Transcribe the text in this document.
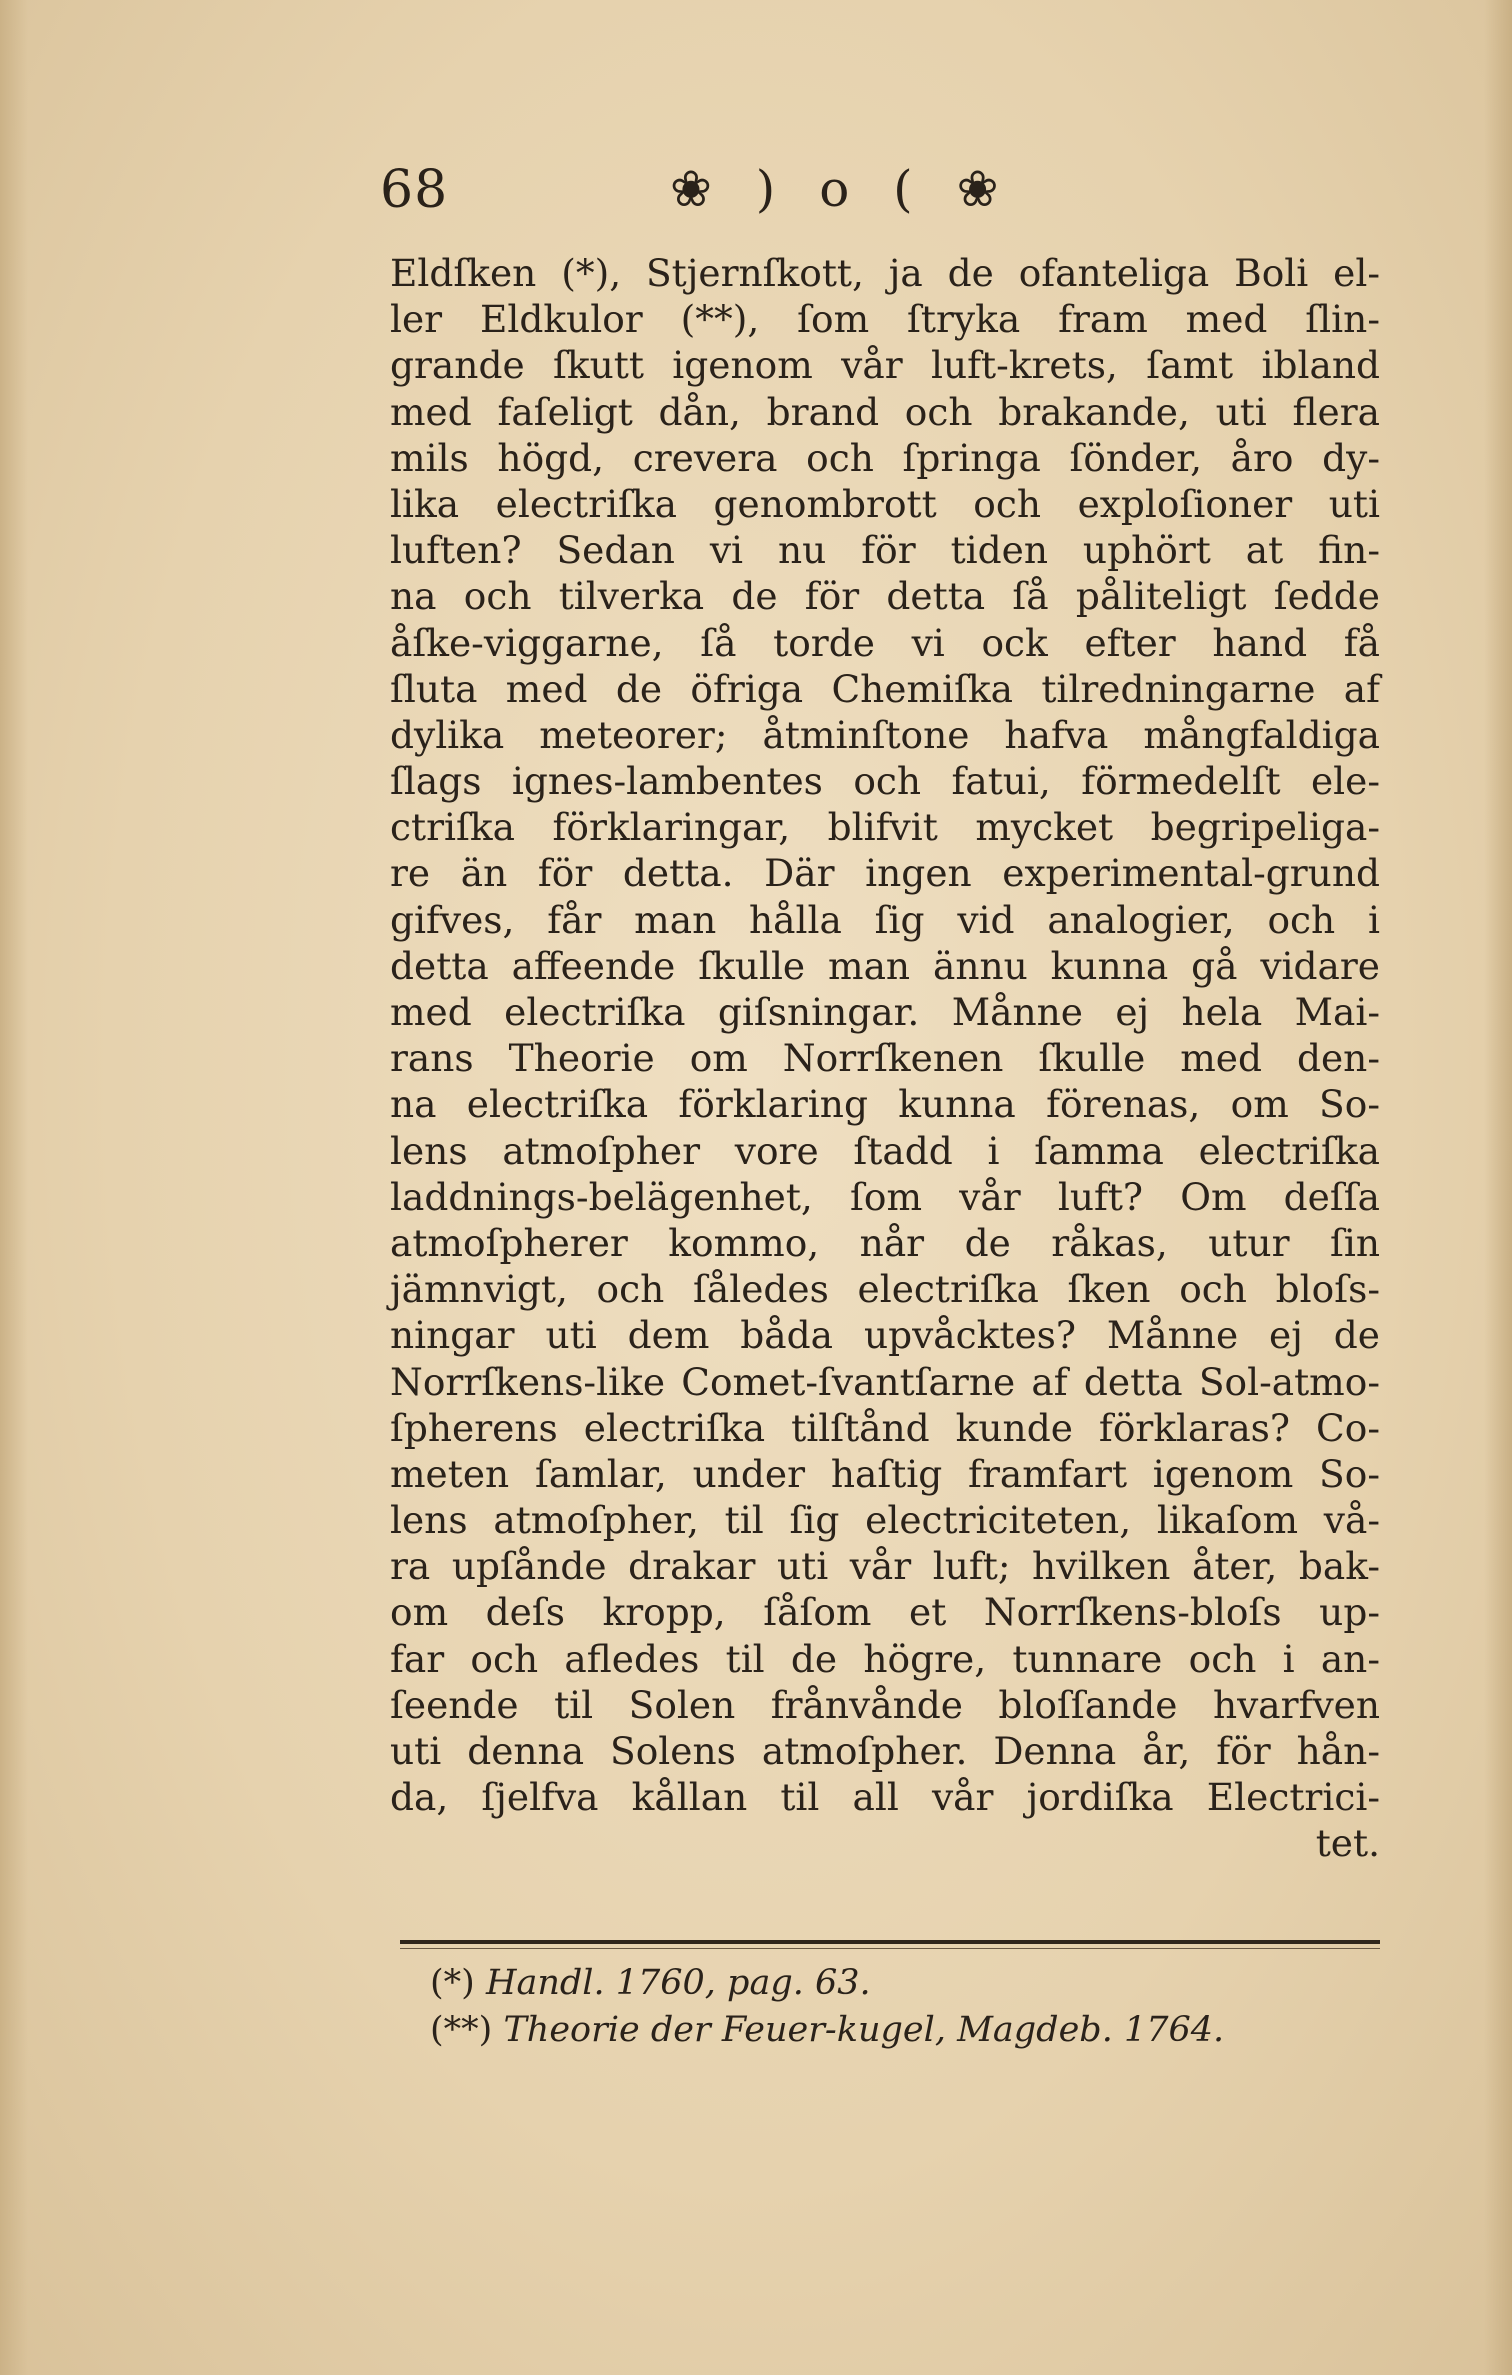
68	❀ ) o ( ❀
Eldſken (*), Stjernſkott, ja de ofanteliga Boli el-
ler Eldkulor (**), ſom ſtryka fram med ſlin-
grande ſkutt igenom vår luft-krets, ſamt ibland
med faſeligt dån, brand och brakande, uti flera
mils högd, crevera och ſpringa ſönder, åro dy-
lika electriſka genombrott och exploſioner uti
luften? Sedan vi nu för tiden uphört at fin-
na och tilverka de för detta ſå påliteligt ſedde
åſke-viggarne, ſå torde vi ock efter hand få
ſluta med de öfriga Chemiſka tilredningarne af
dylika meteorer; åtminſtone hafva mångfaldiga
ſlags ignes-lambentes och fatui, förmedelſt ele-
ctriſka förklaringar, blifvit mycket begripeliga-
re än för detta. Där ingen experimental-grund
gifves, får man hålla ſig vid analogier, och i
detta affeende ſkulle man ännu kunna gå vidare
med electriſka giſsningar. Månne ej hela Mai-
rans Theorie om Norrſkenen ſkulle med den-
na electriſka förklaring kunna förenas, om So-
lens atmoſpher vore ſtadd i ſamma electriſka
laddnings-belägenhet, ſom vår luft? Om deſſa
atmoſpherer kommo, når de råkas, utur ſin
jämnvigt, och ſåledes electriſka ſken och bloſs-
ningar uti dem båda upvåcktes? Månne ej de
Norrſkens-like Comet-ſvantſarne af detta Sol-atmo-
ſpherens electriſka tilſtånd kunde förklaras? Co-
meten ſamlar, under haſtig framfart igenom So-
lens atmoſpher, til ſig electriciteten, likaſom vå-
ra upſånde drakar uti vår luft; hvilken åter, bak-
om deſs kropp, ſåſom et Norrſkens-bloſs up-
far och afledes til de högre, tunnare och i an-
ſeende til Solen frånvånde bloſſande hvarfven
uti denna Solens atmoſpher. Denna år, för hån-
da, ſjelfva kållan til all vår jordiſka Electrici-
tet.
(*) Handl. 1760, pag. 63.
(**) Theorie der Feuer-kugel, Magdeb. 1764.
